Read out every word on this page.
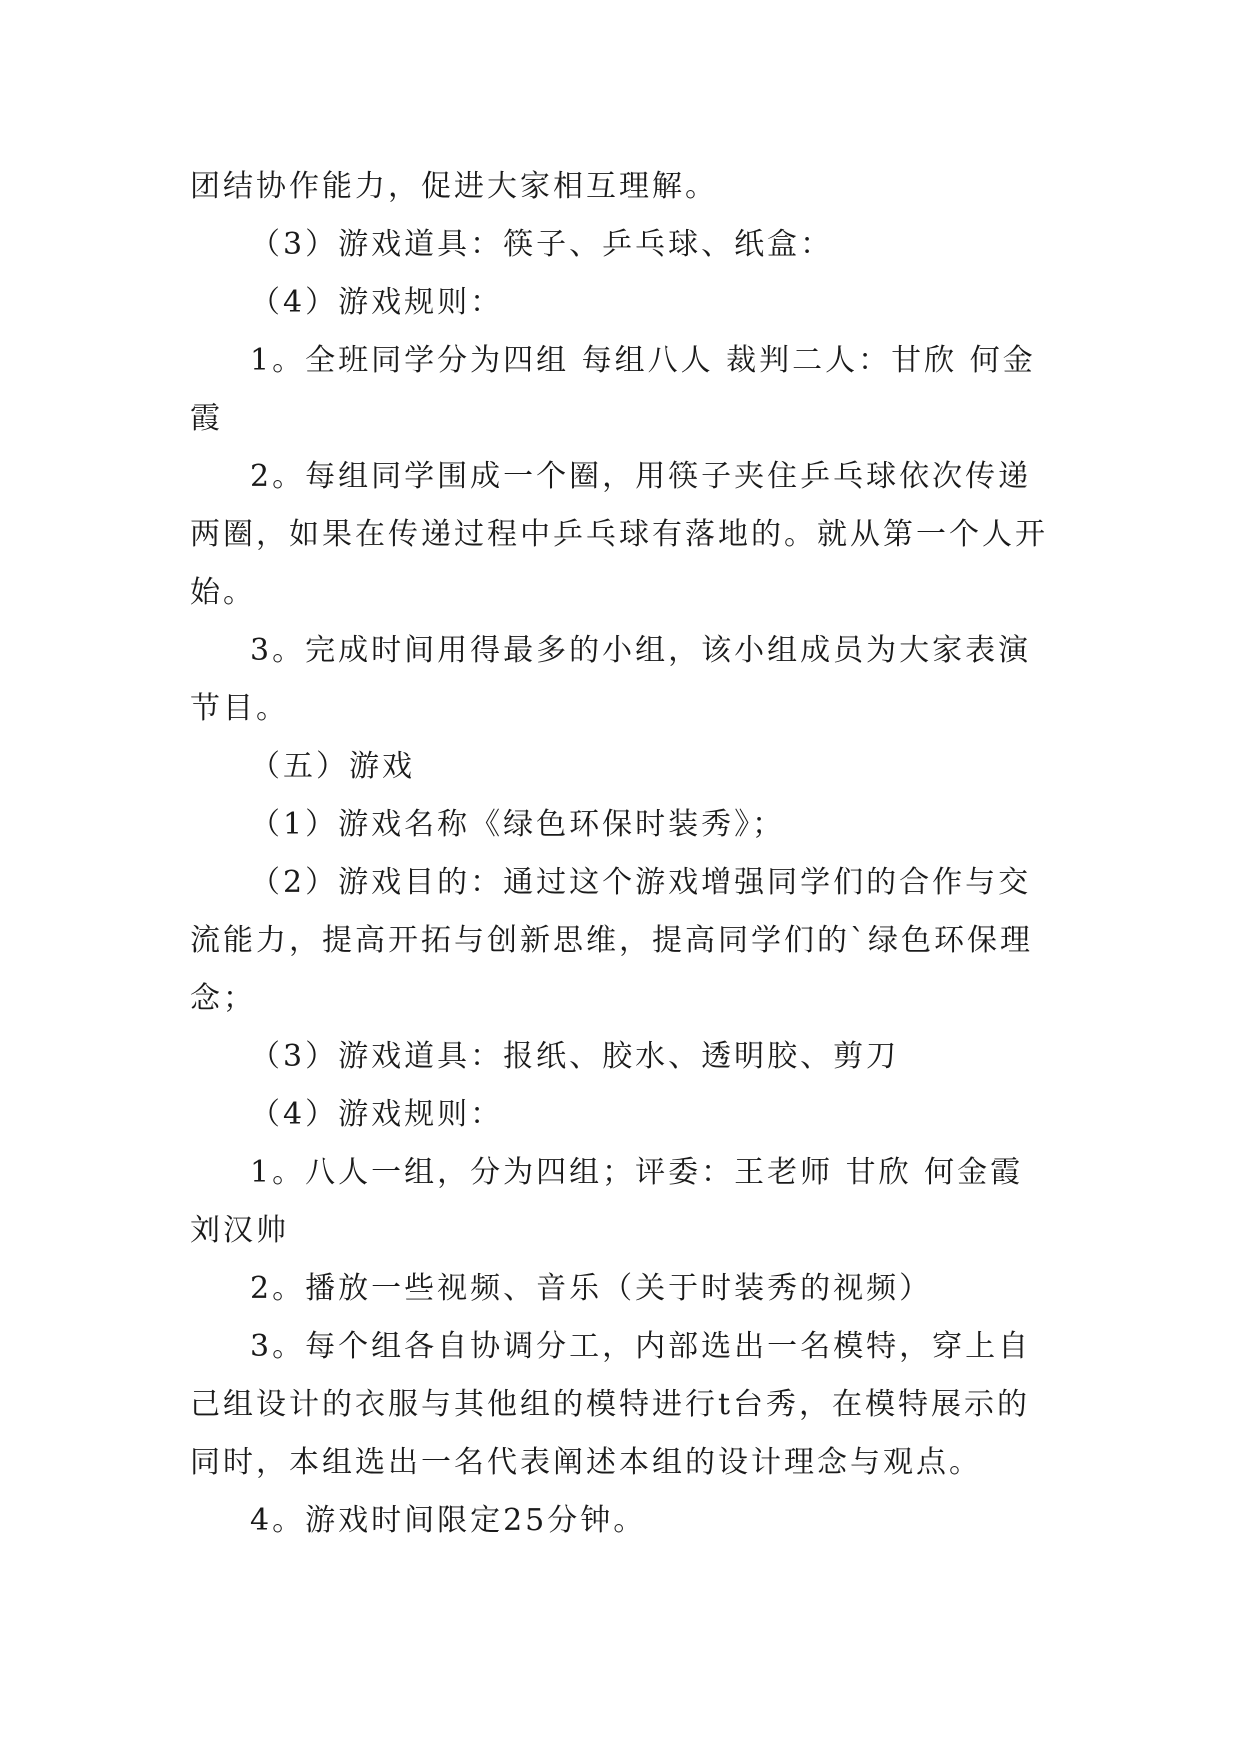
团结协作能力，促进大家相互理解。

（3）游戏道具：筷子、乒乓球、纸盒：

（4）游戏规则：

1。全班同学分为四组 每组八人 裁判二人：甘欣 何金霞

2。每组同学围成一个圈，用筷子夹住乒乓球依次传递两圈，如果在传递过程中乒乓球有落地的。就从第一个人开始。

3。完成时间用得最多的小组，该小组成员为大家表演节目。

（五）游戏

（1）游戏名称《绿色环保时装秀》；

（2）游戏目的：通过这个游戏增强同学们的合作与交流能力，提高开拓与创新思维，提高同学们的`绿色环保理念；

（3）游戏道具：报纸、胶水、透明胶、剪刀

（4）游戏规则：

1。八人一组，分为四组；评委：王老师 甘欣 何金霞 刘汉帅

2。播放一些视频、音乐（关于时装秀的视频）

3。每个组各自协调分工，内部选出一名模特，穿上自己组设计的衣服与其他组的模特进行t台秀，在模特展示的同时，本组选出一名代表阐述本组的设计理念与观点。

4。游戏时间限定25分钟。
